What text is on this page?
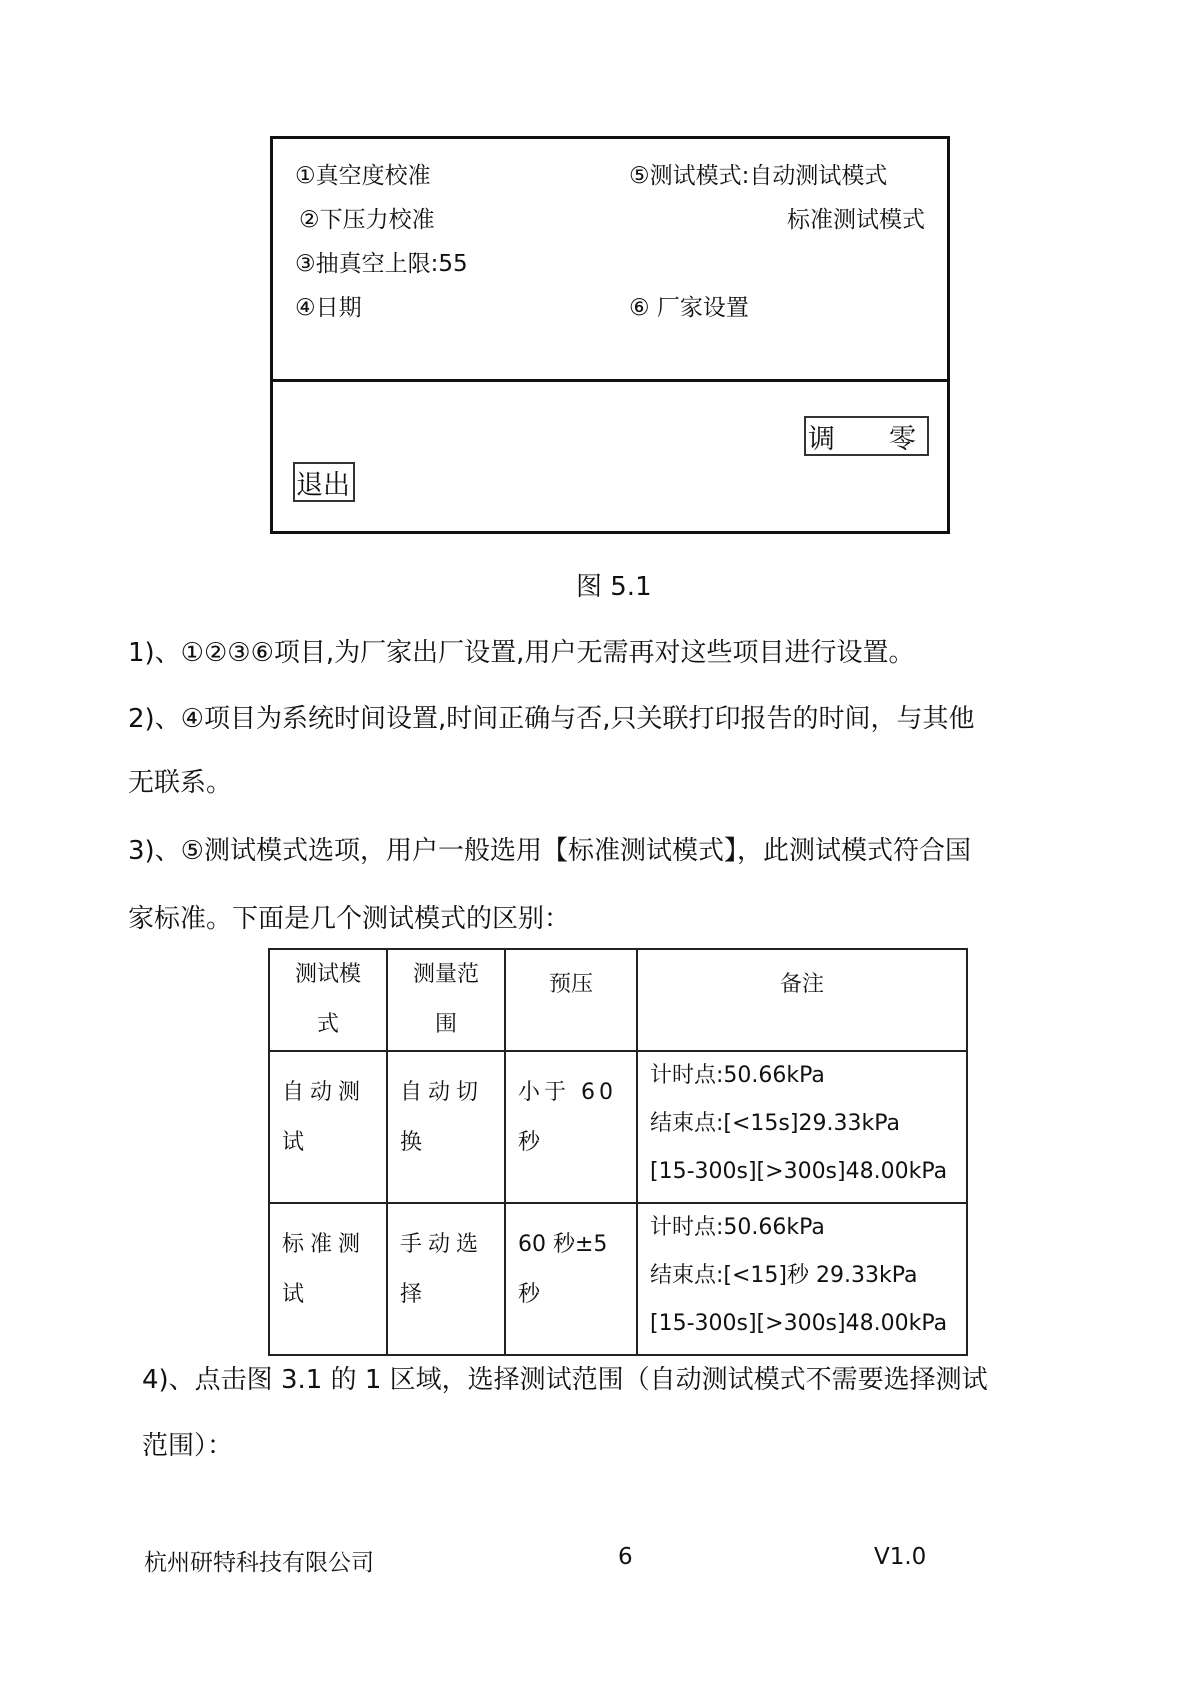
①真空度校准
②下压力校准
③抽真空上限:55
④日期
⑤测试模式:自动测试模式
标准测试模式
⑥ 厂家设置
调　　零
退出
图 5.1
1)、①②③⑥项目,为厂家出厂设置,用户无需再对这些项目进行设置。
2)、④项目为系统时间设置,时间正确与否,只关联打印报告的时间，与其他
无联系。
3)、⑤测试模式选项，用户一般选用【标准测试模式】，此测试模式符合国
家标准。下面是几个测试模式的区别：
测试模式	测量范围	预压	备注
自动测试	自动切换	小于 60秒	计时点:50.66kPa
结束点:[<15s]29.33kPa
[15-300s][>300s]48.00kPa

标准测试	手动选择	60 秒±5秒	计时点:50.66kPa
结束点:[<15]秒 29.33kPa
[15-300s][>300s]48.00kPa
4)、点击图 3.1 的 1 区域，选择测试范围（自动测试模式不需要选择测试
范围）：
杭州研特科技有限公司	6	V1.0
